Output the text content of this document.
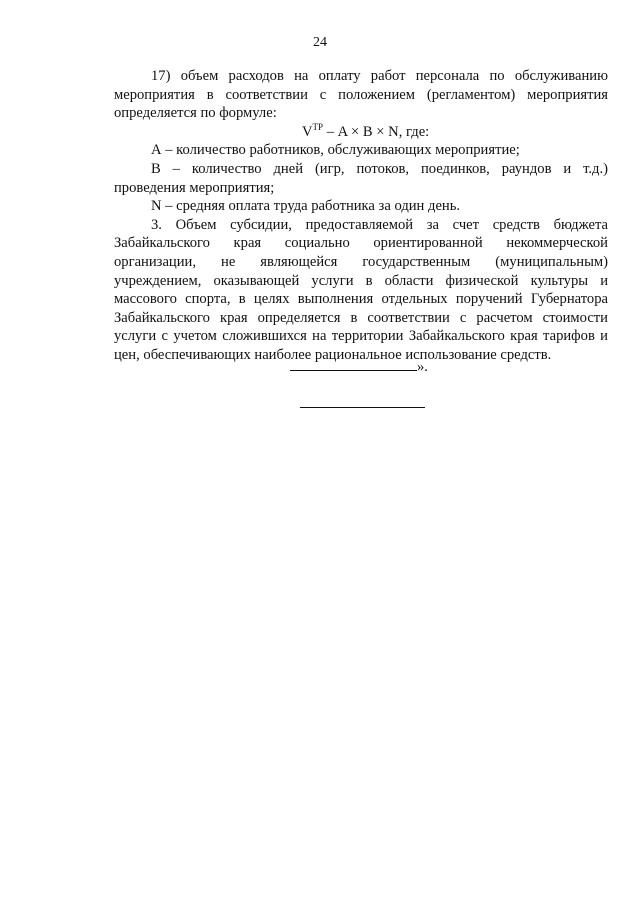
24

17) объем расходов на оплату работ персонала по обслуживанию мероприятия в соответствии с положением (регламентом) мероприятия определяется по формуле:

$V^{ТР} - A \times B \times N$, где:

А – количество работников, обслуживающих мероприятие;

В – количество дней (игр, потоков, поединков, раундов и т.д.) проведения мероприятия;

N – средняя оплата труда работника за один день.

3. Объем субсидии, предоставляемой за счет средств бюджета Забайкальского края социально ориентированной некоммерческой организации, не являющейся государственным (муниципальным) учреждением, оказывающей услуги в области физической культуры и массового спорта, в целях выполнения отдельных поручений Губернатора Забайкальского края определяется в соответствии с расчетом стоимости услуги с учетом сложившихся на территории Забайкальского края тарифов и цен, обеспечивающих наиболее рациональное использование средств.

».
